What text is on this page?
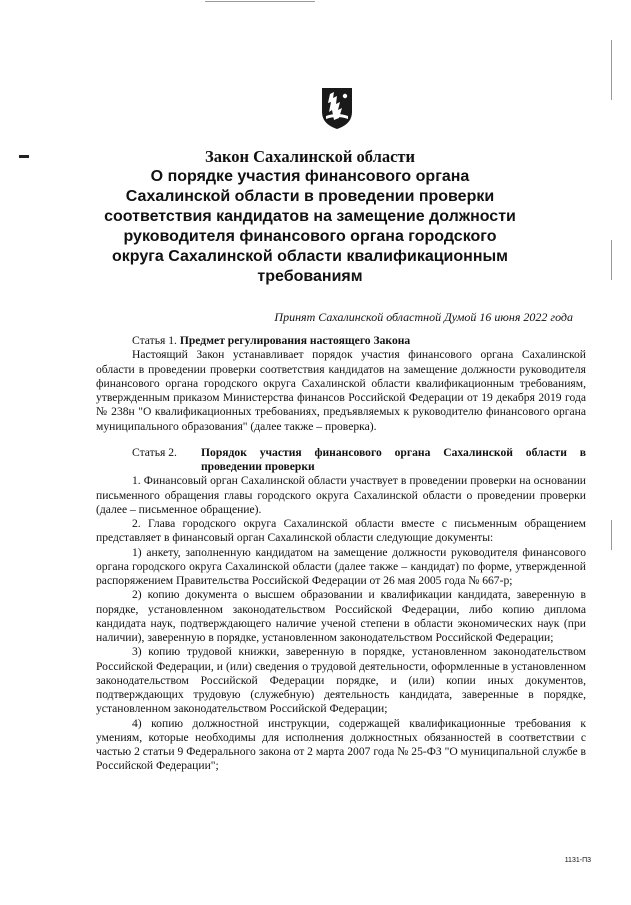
Закон Сахалинской области

О порядке участия финансового органа Сахалинской области в проведении проверки соответствия кандидатов на замещение должности руководителя финансового органа городского округа Сахалинской области квалификационным требованиям

Принят Сахалинской областной Думой 16 июня 2022 года

Статья 1. Предмет регулирования настоящего Закона

Настоящий Закон устанавливает порядок участия финансового органа Сахалинской области в проведении проверки соответствия кандидатов на замещение должности руководителя финансового органа городского округа Сахалинской области квалификационным требованиям, утвержденным приказом Министерства финансов Российской Федерации от 19 декабря 2019 года № 238н "О квалификационных требованиях, предъявляемых к руководителю финансового органа муниципального образования" (далее также – проверка).

Статья 2.	Порядок участия финансового органа Сахалинской области в проведении проверки

1. Финансовый орган Сахалинской области участвует в проведении проверки на основании письменного обращения главы городского округа Сахалинской области о проведении проверки (далее – письменное обращение).

2. Глава городского округа Сахалинской области вместе с письменным обращением представляет в финансовый орган Сахалинской области следующие документы:

1) анкету, заполненную кандидатом на замещение должности руководителя финансового органа городского округа Сахалинской области (далее также – кандидат) по форме, утвержденной распоряжением Правительства Российской Федерации от 26 мая 2005 года № 667-р;

2) копию документа о высшем образовании и квалификации кандидата, заверенную в порядке, установленном законодательством Российской Федерации, либо копию диплома кандидата наук, подтверждающего наличие ученой степени в области экономических наук (при наличии), заверенную в порядке, установленном законодательством Российской Федерации;

3) копию трудовой книжки, заверенную в порядке, установленном законодательством Российской Федерации, и (или) сведения о трудовой деятельности, оформленные в установленном законодательством Российской Федерации порядке, и (или) копии иных документов, подтверждающих трудовую (служебную) деятельность кандидата, заверенные в порядке, установленном законодательством Российской Федерации;

4) копию должностной инструкции, содержащей квалификационные требования к умениям, которые необходимы для исполнения должностных обязанностей в соответствии с частью 2 статьи 9 Федерального закона от 2 марта 2007 года № 25-ФЗ "О муниципальной службе в Российской Федерации";

1131-П3
